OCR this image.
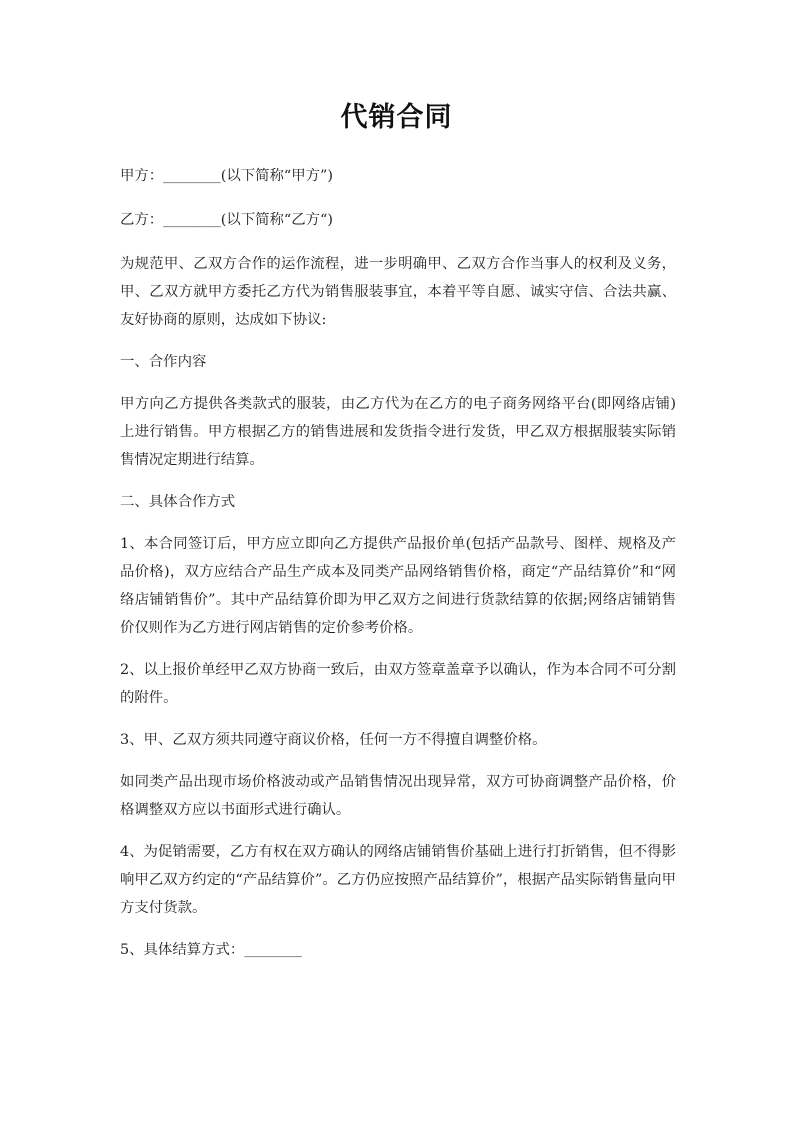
代销合同

甲方：________(以下简称“甲方”)

乙方：________(以下简称“乙方“)

为规范甲、乙双方合作的运作流程，进一步明确甲、乙双方合作当事人的权利及义务，甲、乙双方就甲方委托乙方代为销售服装事宜，本着平等自愿、诚实守信、合法共赢、友好协商的原则，达成如下协议:

一、合作内容

甲方向乙方提供各类款式的服装，由乙方代为在乙方的电子商务网络平台(即网络店铺)上进行销售。甲方根据乙方的销售进展和发货指令进行发货，甲乙双方根据服装实际销售情况定期进行结算。

二、具体合作方式

1、本合同签订后，甲方应立即向乙方提供产品报价单(包括产品款号、图样、规格及产品价格)，双方应结合产品生产成本及同类产品网络销售价格，商定“产品结算价”和“网络店铺销售价”。其中产品结算价即为甲乙双方之间进行货款结算的依据;网络店铺销售价仅则作为乙方进行网店销售的定价参考价格。

2、以上报价单经甲乙双方协商一致后，由双方签章盖章予以确认，作为本合同不可分割的附件。

3、甲、乙双方须共同遵守商议价格，任何一方不得擅自调整价格。

如同类产品出现市场价格波动或产品销售情况出现异常，双方可协商调整产品价格，价格调整双方应以书面形式进行确认。

4、为促销需要，乙方有权在双方确认的网络店铺销售价基础上进行打折销售，但不得影响甲乙双方约定的“产品结算价”。乙方仍应按照产品结算价”，根据产品实际销售量向甲方支付货款。

5、具体结算方式：________
